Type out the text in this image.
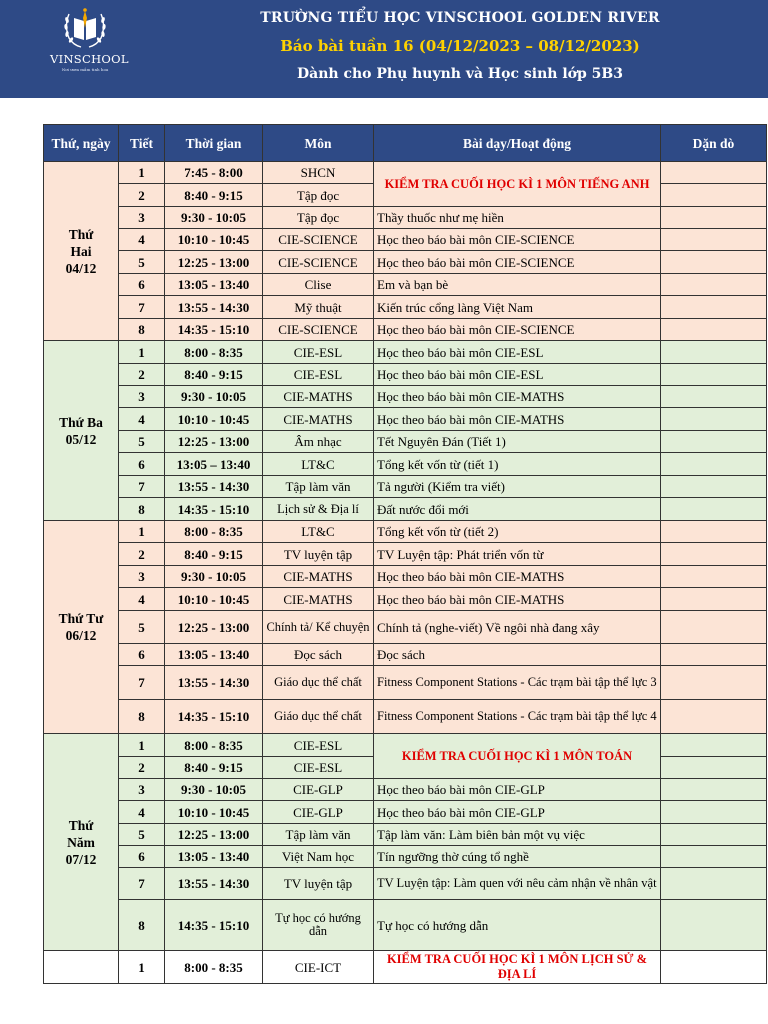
VINSCHOOL
Nơi ươm mầm tinh hoa
TRƯỜNG TIỂU HỌC VINSCHOOL GOLDEN RIVER
Báo bài tuần 16 (04/12/2023 – 08/12/2023)
Dành cho Phụ huynh và Học sinh lớp 5B3
Thứ, ngày	Tiết	Thời gian	Môn	Bài dạy/Hoạt động	Dặn dò

Thứ Hai
04/12	1	7:45 - 8:00	SHCN	KIỂM TRA CUỐI HỌC KÌ 1 MÔN TIẾNG ANH	
	2	8:40 - 9:15	Tập đọc		
	3	9:30 - 10:05	Tập đọc	Thầy thuốc như mẹ hiền	
	4	10:10 - 10:45	CIE-SCIENCE	Học theo báo bài môn CIE-SCIENCE	
	5	12:25 - 13:00	CIE-SCIENCE	Học theo báo bài môn CIE-SCIENCE	
	6	13:05 - 13:40	Clise	Em và bạn bè	
	7	13:55 - 14:30	Mỹ thuật	Kiến trúc cổng làng Việt Nam	
	8	14:35 - 15:10	CIE-SCIENCE	Học theo báo bài môn CIE-SCIENCE	

Thứ Ba
05/12	1	8:00 - 8:35	CIE-ESL	Học theo báo bài môn CIE-ESL	
	2	8:40 - 9:15	CIE-ESL	Học theo báo bài môn CIE-ESL	
	3	9:30 - 10:05	CIE-MATHS	Học theo báo bài môn CIE-MATHS	
	4	10:10 - 10:45	CIE-MATHS	Học theo báo bài môn CIE-MATHS	
	5	12:25 - 13:00	Âm nhạc	Tết Nguyên Đán (Tiết 1)	
	6	13:05 – 13:40	LT&C	Tổng kết vốn từ (tiết 1)	
	7	13:55 - 14:30	Tập làm văn	Tả người (Kiểm tra viết)	
	8	14:35 - 15:10	Lịch sử & Địa lí	Đất nước đổi mới	

Thứ Tư
06/12	1	8:00 - 8:35	LT&C	Tổng kết vốn từ (tiết 2)	
	2	8:40 - 9:15	TV luyện tập	TV Luyện tập: Phát triển vốn từ	
	3	9:30 - 10:05	CIE-MATHS	Học theo báo bài môn CIE-MATHS	
	4	10:10 - 10:45	CIE-MATHS	Học theo báo bài môn CIE-MATHS	
	5	12:25 - 13:00	Chính tả/ Kể chuyện	Chính tả (nghe-viết) Về ngôi nhà đang xây	
	6	13:05 - 13:40	Đọc sách	Đọc sách	
	7	13:55 - 14:30	Giáo dục thể chất	Fitness Component Stations - Các trạm bài tập thể lực 3	
	8	14:35 - 15:10	Giáo dục thể chất	Fitness Component Stations - Các trạm bài tập thể lực 4	

Thứ Năm
07/12	1	8:00 - 8:35	CIE-ESL	KIỂM TRA CUỐI HỌC KÌ 1 MÔN TOÁN	
	2	8:40 - 9:15	CIE-ESL		
	3	9:30 - 10:05	CIE-GLP	Học theo báo bài môn CIE-GLP	
	4	10:10 - 10:45	CIE-GLP	Học theo báo bài môn CIE-GLP	
	5	12:25 - 13:00	Tập làm văn	Tập làm văn: Làm biên bản một vụ việc	
	6	13:05 - 13:40	Việt Nam học	Tín ngưỡng thờ cúng tổ nghề	
	7	13:55 - 14:30	TV luyện tập	TV Luyện tập: Làm quen với nêu cảm nhận về nhân vật	
	8	14:35 - 15:10	Tự học có hướng dẫn	Tự học có hướng dẫn	
	1	8:00 - 8:35	CIE-ICT	KIỂM TRA CUỐI HỌC KÌ 1 MÔN LỊCH SỬ & ĐỊA LÍ	
